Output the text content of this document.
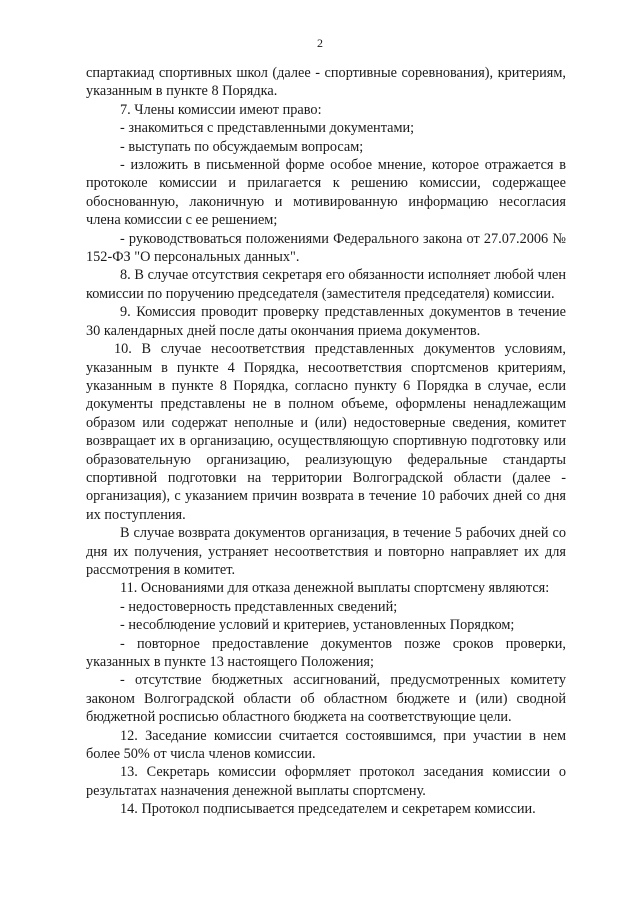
2

спартакиад спортивных школ (далее - спортивные соревнования), критериям, указанным в пункте 8 Порядка.

7. Члены комиссии имеют право:

- знакомиться с представленными документами;

- выступать по обсуждаемым вопросам;

- изложить в письменной форме особое мнение, которое отражается в протоколе комиссии и прилагается к решению комиссии, содержащее обоснованную, лаконичную и мотивированную информацию несогласия члена комиссии с ее решением;

- руководствоваться положениями Федерального закона от 27.07.2006 № 152-ФЗ "О персональных данных".

8. В случае отсутствия секретаря его обязанности исполняет любой член комиссии по поручению председателя (заместителя председателя) комиссии.

9. Комиссия проводит проверку представленных документов в течение 30 календарных дней после даты окончания приема документов.

10. В случае несоответствия представленных документов условиям, указанным в пункте 4 Порядка, несоответствия спортсменов критериям, указанным в пункте 8 Порядка, согласно пункту 6 Порядка в случае, если документы представлены не в полном объеме, оформлены ненадлежащим образом или содержат неполные и (или) недостоверные сведения, комитет возвращает их в организацию, осуществляющую спортивную подготовку или образовательную организацию, реализующую федеральные стандарты спортивной подготовки на территории Волгоградской области (далее - организация), с указанием причин возврата в течение 10 рабочих дней со дня их поступления.

В случае возврата документов организация, в течение 5 рабочих дней со дня их получения, устраняет несоответствия и повторно направляет их для рассмотрения в комитет.

11. Основаниями для отказа денежной выплаты спортсмену являются:

- недостоверность представленных сведений;

- несоблюдение условий и критериев, установленных Порядком;

- повторное предоставление документов позже сроков проверки, указанных в пункте 13 настоящего Положения;

- отсутствие бюджетных ассигнований, предусмотренных комитету законом Волгоградской области об областном бюджете и (или) сводной бюджетной росписью областного бюджета на соответствующие цели.

12. Заседание комиссии считается состоявшимся, при участии в нем более 50% от числа членов комиссии.

13. Секретарь комиссии оформляет протокол заседания комиссии о результатах назначения денежной выплаты спортсмену.

14. Протокол подписывается председателем и секретарем комиссии.
